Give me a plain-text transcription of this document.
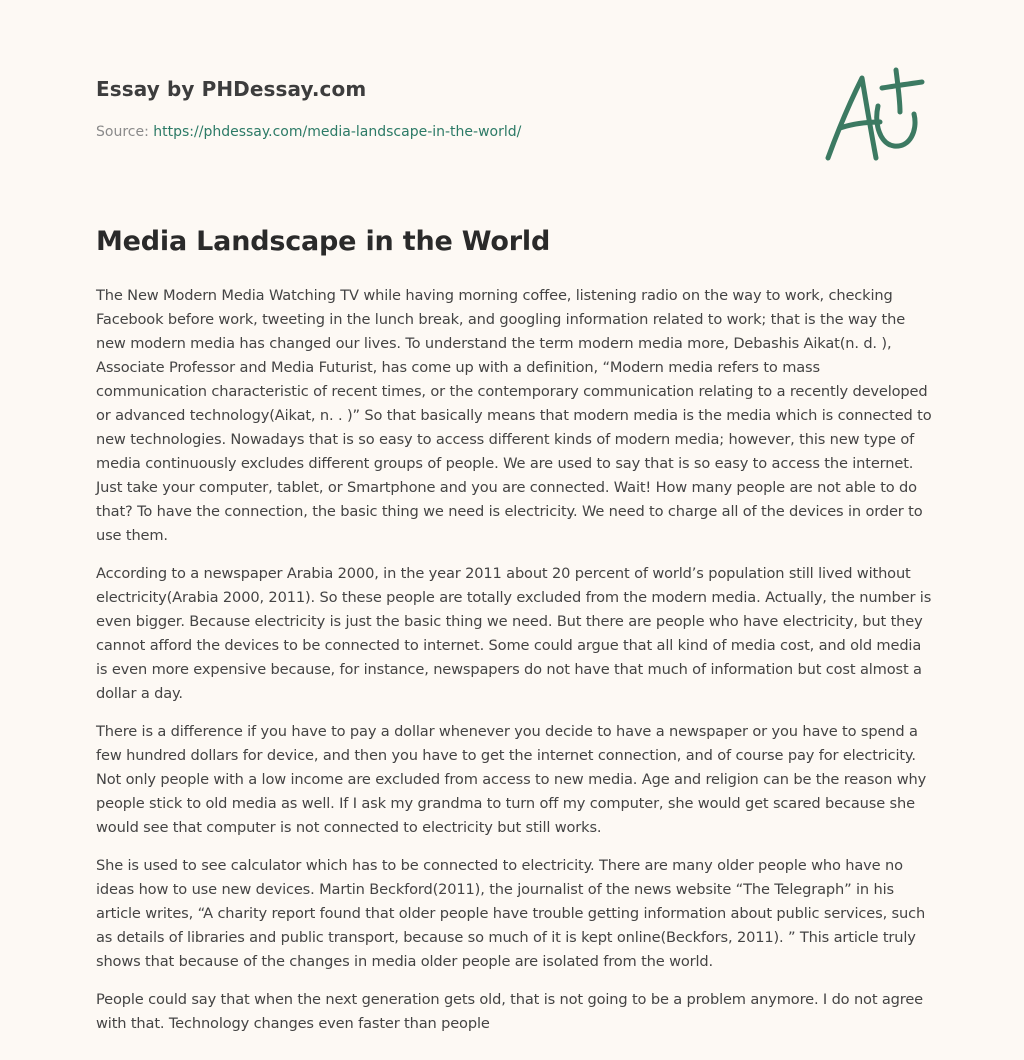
Essay by PHDessay.com
Source: https://phdessay.com/media-landscape-in-the-world/
Media Landscape in the World

The New Modern Media Watching TV while having morning coffee, listening radio on the way to work, checking Facebook before work, tweeting in the lunch break, and googling information related to work; that is the way the new modern media has changed our lives. To understand the term modern media more, Debashis Aikat(n. d. ), Associate Professor and Media Futurist, has come up with a definition, “Modern media refers to mass communication characteristic of recent times, or the contemporary communication relating to a recently developed or advanced technology(Aikat, n. . )” So that basically means that modern media is the media which is connected to new technologies. Nowadays that is so easy to access different kinds of modern media; however, this new type of media continuously excludes different groups of people. We are used to say that is so easy to access the internet. Just take your computer, tablet, or Smartphone and you are connected. Wait! How many people are not able to do that? To have the connection, the basic thing we need is electricity. We need to charge all of the devices in order to use them.

According to a newspaper Arabia 2000, in the year 2011 about 20 percent of world’s population still lived without electricity(Arabia 2000, 2011). So these people are totally excluded from the modern media. Actually, the number is even bigger. Because electricity is just the basic thing we need. But there are people who have electricity, but they cannot afford the devices to be connected to internet. Some could argue that all kind of media cost, and old media is even more expensive because, for instance, newspapers do not have that much of information but cost almost a dollar a day.

There is a difference if you have to pay a dollar whenever you decide to have a newspaper or you have to spend a few hundred dollars for device, and then you have to get the internet connection, and of course pay for electricity. Not only people with a low income are excluded from access to new media. Age and religion can be the reason why people stick to old media as well. If I ask my grandma to turn off my computer, she would get scared because she would see that computer is not connected to electricity but still works.

She is used to see calculator which has to be connected to electricity. There are many older people who have no ideas how to use new devices. Martin Beckford(2011), the journalist of the news website “The Telegraph” in his article writes, “A charity report found that older people have trouble getting information about public services, such as details of libraries and public transport, because so much of it is kept online(Beckfors, 2011). ” This article truly shows that because of the changes in media older people are isolated from the world.

People could say that when the next generation gets old, that is not going to be a problem anymore. I do not agree with that. Technology changes even faster than people
